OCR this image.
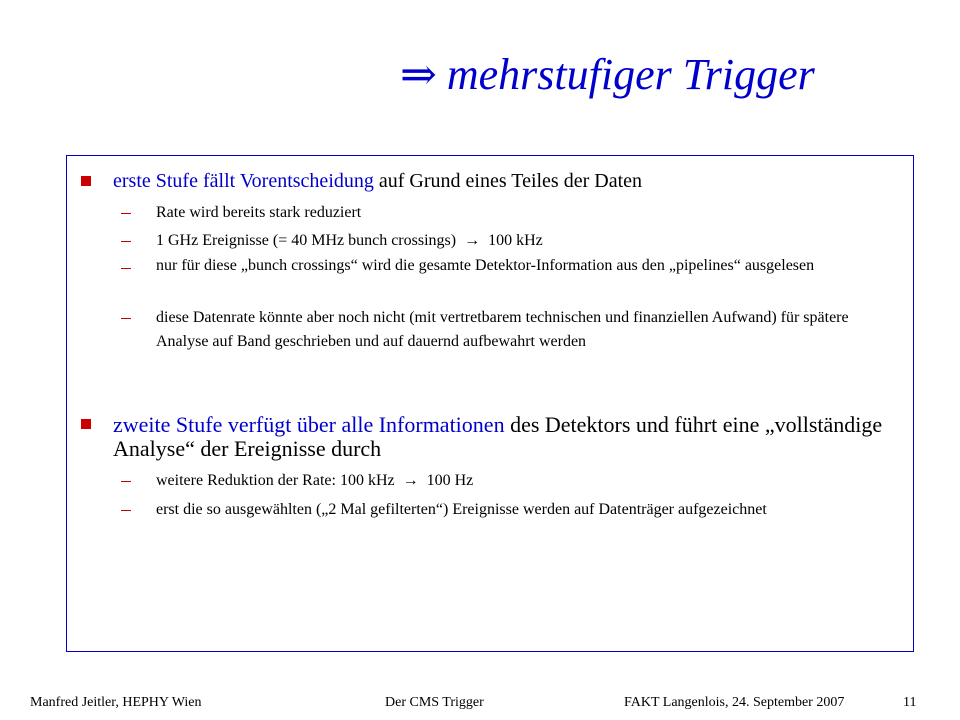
⇒ mehrstufiger Trigger
erste Stufe fällt Vorentscheidung auf Grund eines Teiles der Daten
Rate wird bereits stark reduziert
1 GHz Ereignisse (= 40 MHz bunch crossings) → 100 kHz
nur für diese „bunch crossings“ wird die gesamte Detektor-Information aus den „pipelines“ ausgelesen
diese Datenrate könnte aber noch nicht (mit vertretbarem technischen und finanziellen Aufwand) für spätere Analyse auf Band geschrieben und auf dauernd aufbewahrt werden
zweite Stufe verfügt über alle Informationen des Detektors und führt eine „vollständige Analyse“ der Ereignisse durch
weitere Reduktion der Rate: 100 kHz → 100 Hz
erst die so ausgewählten („2 Mal gefilterten“) Ereignisse werden auf Datenträger aufgezeichnet
Manfred Jeitler, HEPHY Wien	Der CMS Trigger	FAKT Langenlois, 24. September 2007	11
